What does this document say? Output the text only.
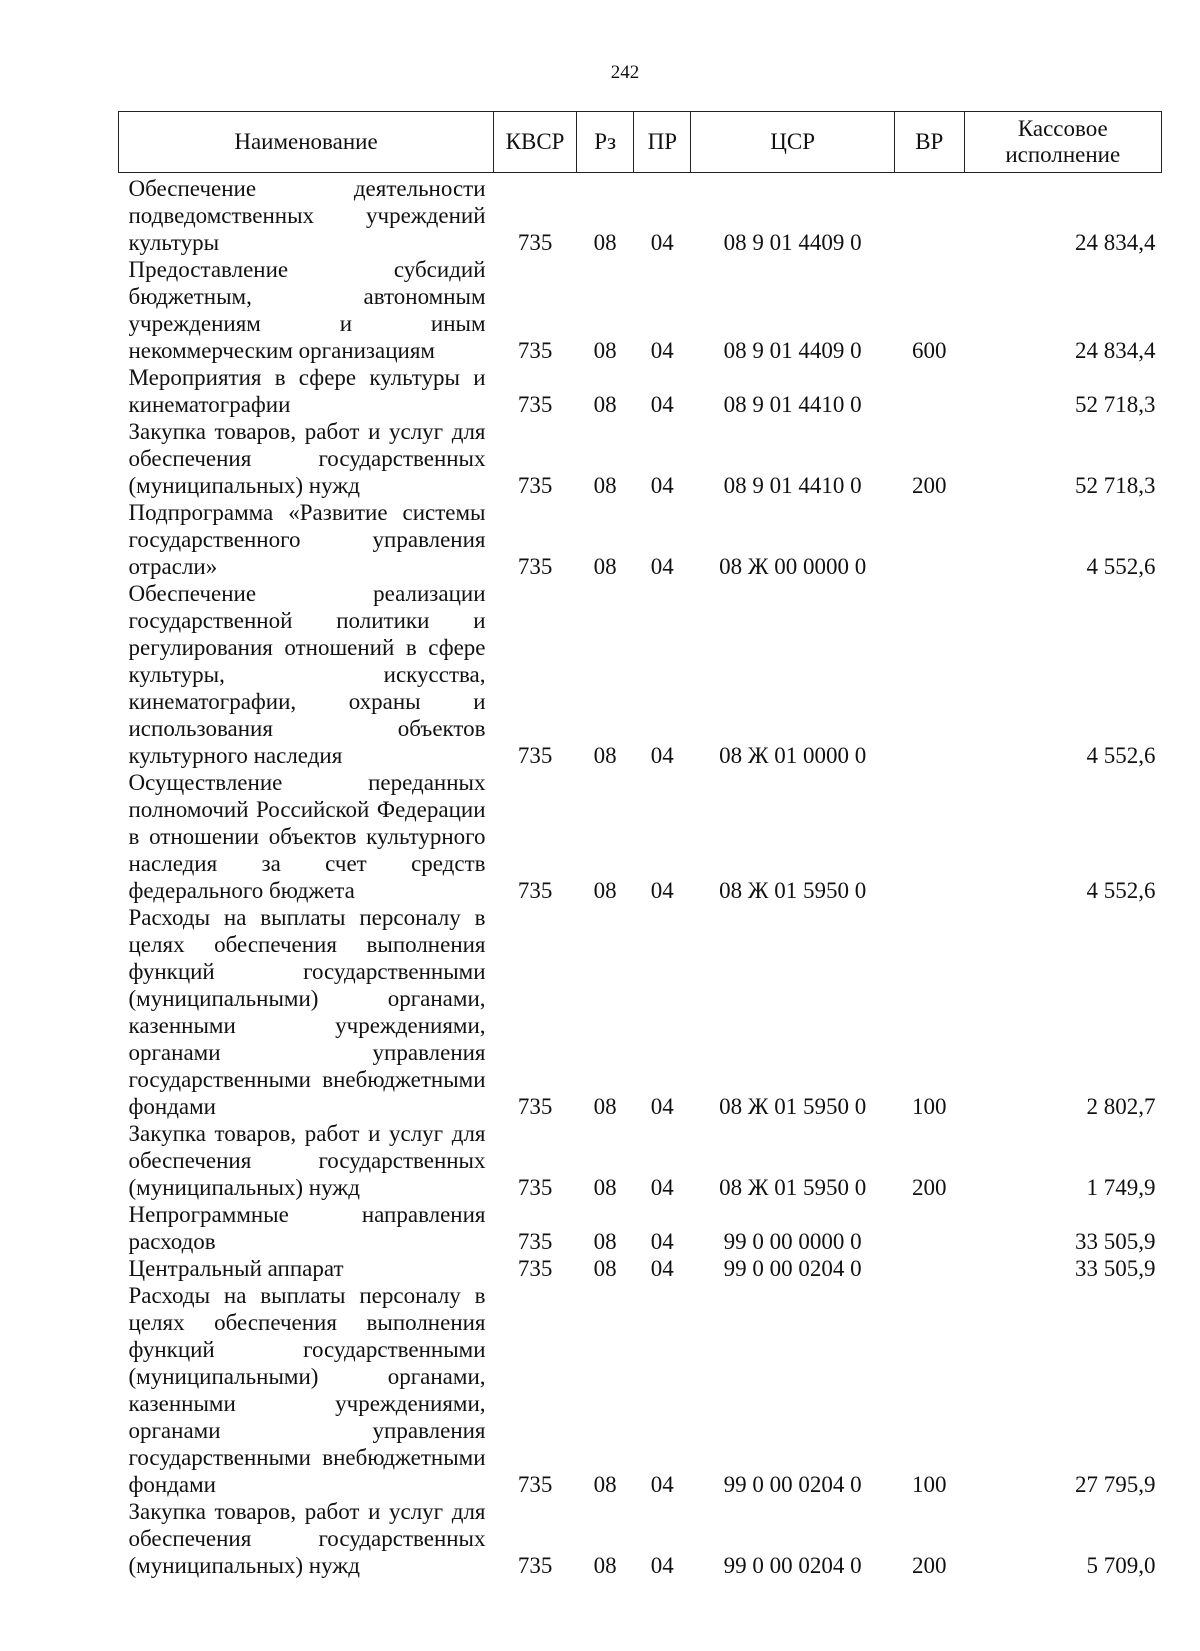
242
Наименование	КВСР	Рз	ПР	ЦСР	ВР	Кассовое исполнение
Обеспечение деятельности подведомственных учреждений культуры	735	08	04	08 9 01 4409 0		24 834,4
Предоставление субсидий бюджетным, автономным учреждениям и иным некоммерческим организациям	735	08	04	08 9 01 4409 0	600	24 834,4
Мероприятия в сфере культуры и кинематографии	735	08	04	08 9 01 4410 0		52 718,3
Закупка товаров, работ и услуг для обеспечения государственных (муниципальных) нужд	735	08	04	08 9 01 4410 0	200	52 718,3
Подпрограмма «Развитие системы государственного управления отрасли»	735	08	04	08 Ж 00 0000 0		4 552,6
Обеспечение реализации государственной политики и регулирования отношений в сфере культуры, искусства, кинематографии, охраны и использования объектов культурного наследия	735	08	04	08 Ж 01 0000 0		4 552,6
Осуществление переданных полномочий Российской Федерации в отношении объектов культурного наследия за счет средств федерального бюджета	735	08	04	08 Ж 01 5950 0		4 552,6
Расходы на выплаты персоналу в целях обеспечения выполнения функций государственными (муниципальными) органами, казенными учреждениями, органами управления государственными внебюджетными фондами	735	08	04	08 Ж 01 5950 0	100	2 802,7
Закупка товаров, работ и услуг для обеспечения государственных (муниципальных) нужд	735	08	04	08 Ж 01 5950 0	200	1 749,9
Непрограммные направления расходов	735	08	04	99 0 00 0000 0		33 505,9
Центральный аппарат	735	08	04	99 0 00 0204 0		33 505,9
Расходы на выплаты персоналу в целях обеспечения выполнения функций государственными (муниципальными) органами, казенными учреждениями, органами управления государственными внебюджетными фондами	735	08	04	99 0 00 0204 0	100	27 795,9
Закупка товаров, работ и услуг для обеспечения государственных (муниципальных) нужд	735	08	04	99 0 00 0204 0	200	5 709,0
